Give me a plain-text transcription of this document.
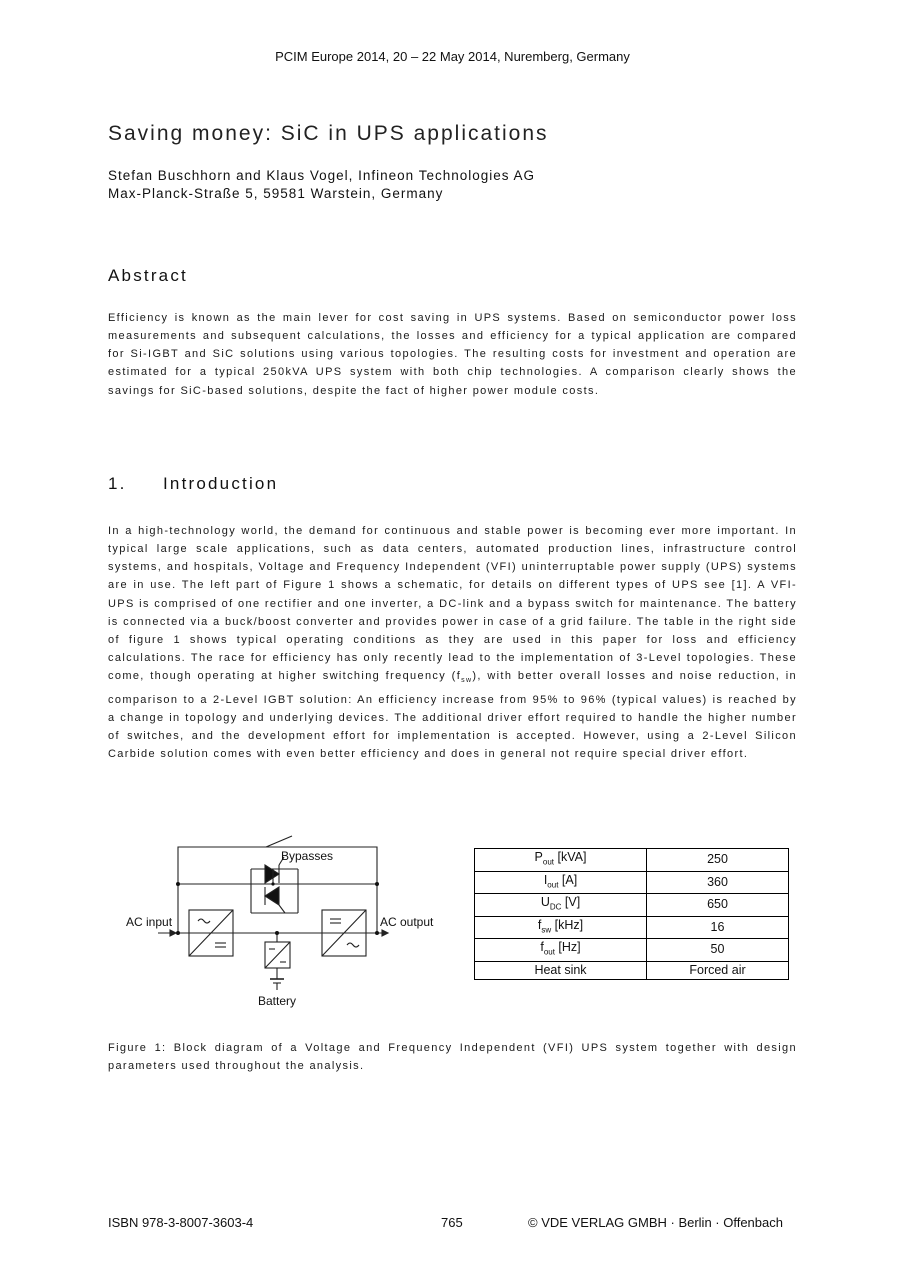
PCIM Europe 2014, 20 – 22 May 2014, Nuremberg, Germany
Saving money: SiC in UPS applications
Stefan Buschhorn and Klaus Vogel, Infineon Technologies AG
Max-Planck-Straße 5, 59581 Warstein, Germany
Abstract
Efficiency is known as the main lever for cost saving in UPS systems. Based on semiconductor power loss measurements and subsequent calculations, the losses and efficiency for a typical application are compared for Si-IGBT and SiC solutions using various topologies. The resulting costs for investment and operation are estimated for a typical 250kVA UPS system with both chip technologies. A comparison clearly shows the savings for SiC-based solutions, despite the fact of higher power module costs.
1. Introduction
In a high-technology world, the demand for continuous and stable power is becoming ever more important. In typical large scale applications, such as data centers, automated production lines, infrastructure control systems, and hospitals, Voltage and Frequency Independent (VFI) uninterruptable power supply (UPS) systems are in use. The left part of Figure 1 shows a schematic, for details on different types of UPS see [1]. A VFI-UPS is comprised of one rectifier and one inverter, a DC-link and a bypass switch for maintenance. The battery is connected via a buck/boost converter and provides power in case of a grid failure. The table in the right side of figure 1 shows typical operating conditions as they are used in this paper for loss and efficiency calculations. The race for efficiency has only recently lead to the implementation of 3-Level topologies. These come, though operating at higher switching frequency $(f_{sw})$, with better overall losses and noise reduction, in comparison to a 2-Level IGBT solution: An efficiency increase from 95% to 96% (typical values) is reached by a change in topology and underlying devices. The additional driver effort required to handle the higher number of switches, and the development effort for implementation is accepted. However, using a 2-Level Silicon Carbide solution comes with even better efficiency and does in general not require special driver effort.
Bypasses
AC input	AC output
Battery
$P_{out}$ [kVA]	250
$I_{out}$ [A]	360
$U_{DC}$ [V]	650
$f_{sw}$ [kHz]	16
$f_{out}$ [Hz]	50
Heat sink	Forced air
Figure 1: Block diagram of a Voltage and Frequency Independent (VFI) UPS system together with design parameters used throughout the analysis.
ISBN 978-3-8007-3603-4	765	© VDE VERLAG GMBH · Berlin · Offenbach
